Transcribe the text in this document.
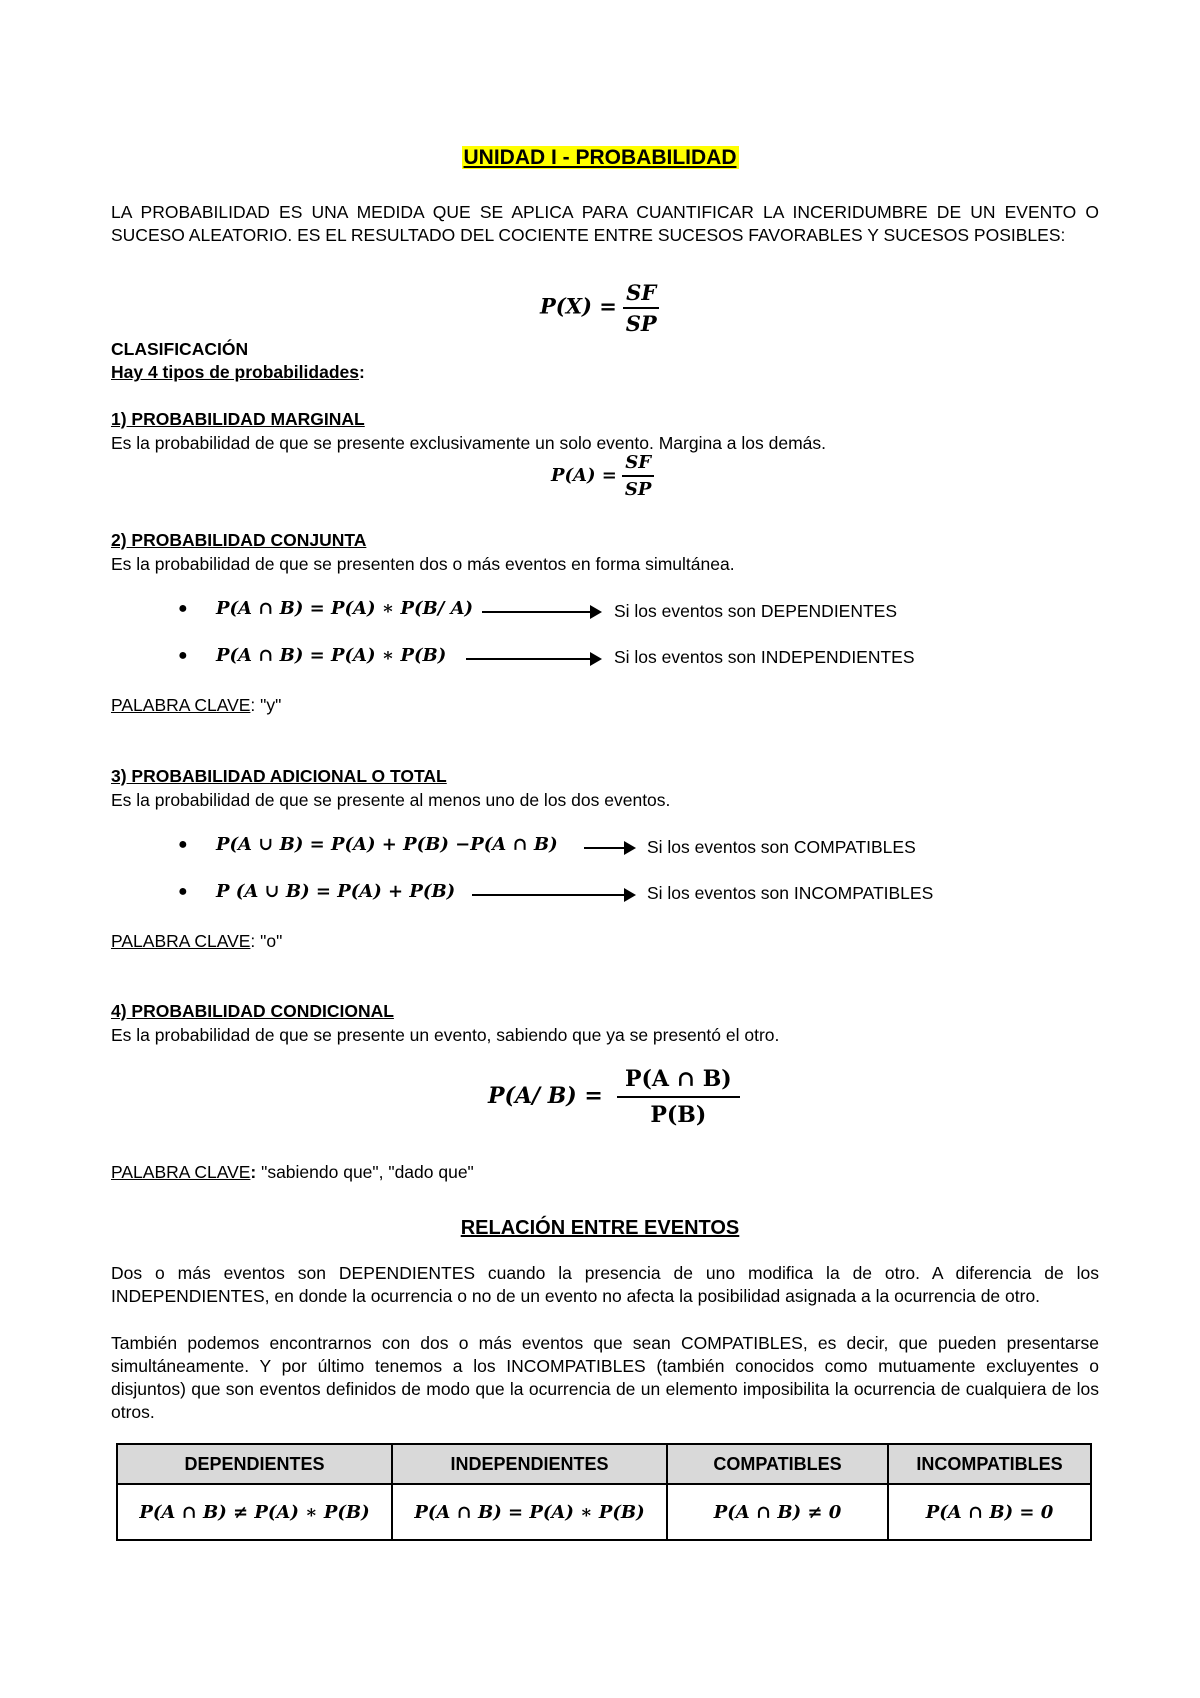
UNIDAD I - PROBABILIDAD
LA PROBABILIDAD ES UNA MEDIDA QUE SE APLICA PARA CUANTIFICAR LA INCERIDUMBRE DE UN EVENTO O SUCESO ALEATORIO. ES EL RESULTADO DEL COCIENTE ENTRE SUCESOS FAVORABLES Y SUCESOS POSIBLES:
$P(X) = \frac{SF}{SP}$
CLASIFICACIÓN
Hay 4 tipos de probabilidades:
1) PROBABILIDAD MARGINAL
Es la probabilidad de que se presente exclusivamente un solo evento. Margina a los demás.
$P(A) = \frac{SF}{SP}$
2) PROBABILIDAD CONJUNTA
Es la probabilidad de que se presenten dos o más eventos en forma simultánea.
● P(A ∩ B) = P(A) ∗ P(B/ A)	Si los eventos son DEPENDIENTES
● P(A ∩ B) = P(A) ∗ P(B)	Si los eventos son INDEPENDIENTES
PALABRA CLAVE: "y"
3) PROBABILIDAD ADICIONAL O TOTAL
Es la probabilidad de que se presente al menos uno de los dos eventos.
● P(A ∪ B) = P(A) + P(B) −P(A ∩ B)	Si los eventos son COMPATIBLES
● P (A ∪ B) = P(A) + P(B)	Si los eventos son INCOMPATIBLES
PALABRA CLAVE: "o"
4) PROBABILIDAD CONDICIONAL
Es la probabilidad de que se presente un evento, sabiendo que ya se presentó el otro.
P(A/ $B) = \frac{P(A \cap B)}{P(B)}$
PALABRA CLAVE: "sabiendo que", "dado que"
RELACIÓN ENTRE EVENTOS
Dos o más eventos son DEPENDIENTES cuando la presencia de uno modifica la de otro. A diferencia de los INDEPENDIENTES, en donde la ocurrencia o no de un evento no afecta la posibilidad asignada a la ocurrencia de otro.
También podemos encontrarnos con dos o más eventos que sean COMPATIBLES, es decir, que pueden presentarse simultáneamente. Y por último tenemos a los INCOMPATIBLES (también conocidos como mutuamente excluyentes o disjuntos) que son eventos definidos de modo que la ocurrencia de un elemento imposibilita la ocurrencia de cualquiera de los otros.
DEPENDIENTES	INDEPENDIENTES	COMPATIBLES	INCOMPATIBLES
P(A ∩ B) ≠ P(A) ∗ P(B)	P(A ∩ B) = P(A) ∗ P(B)	P(A ∩ B) ≠ 0	P(A ∩ B) = 0
